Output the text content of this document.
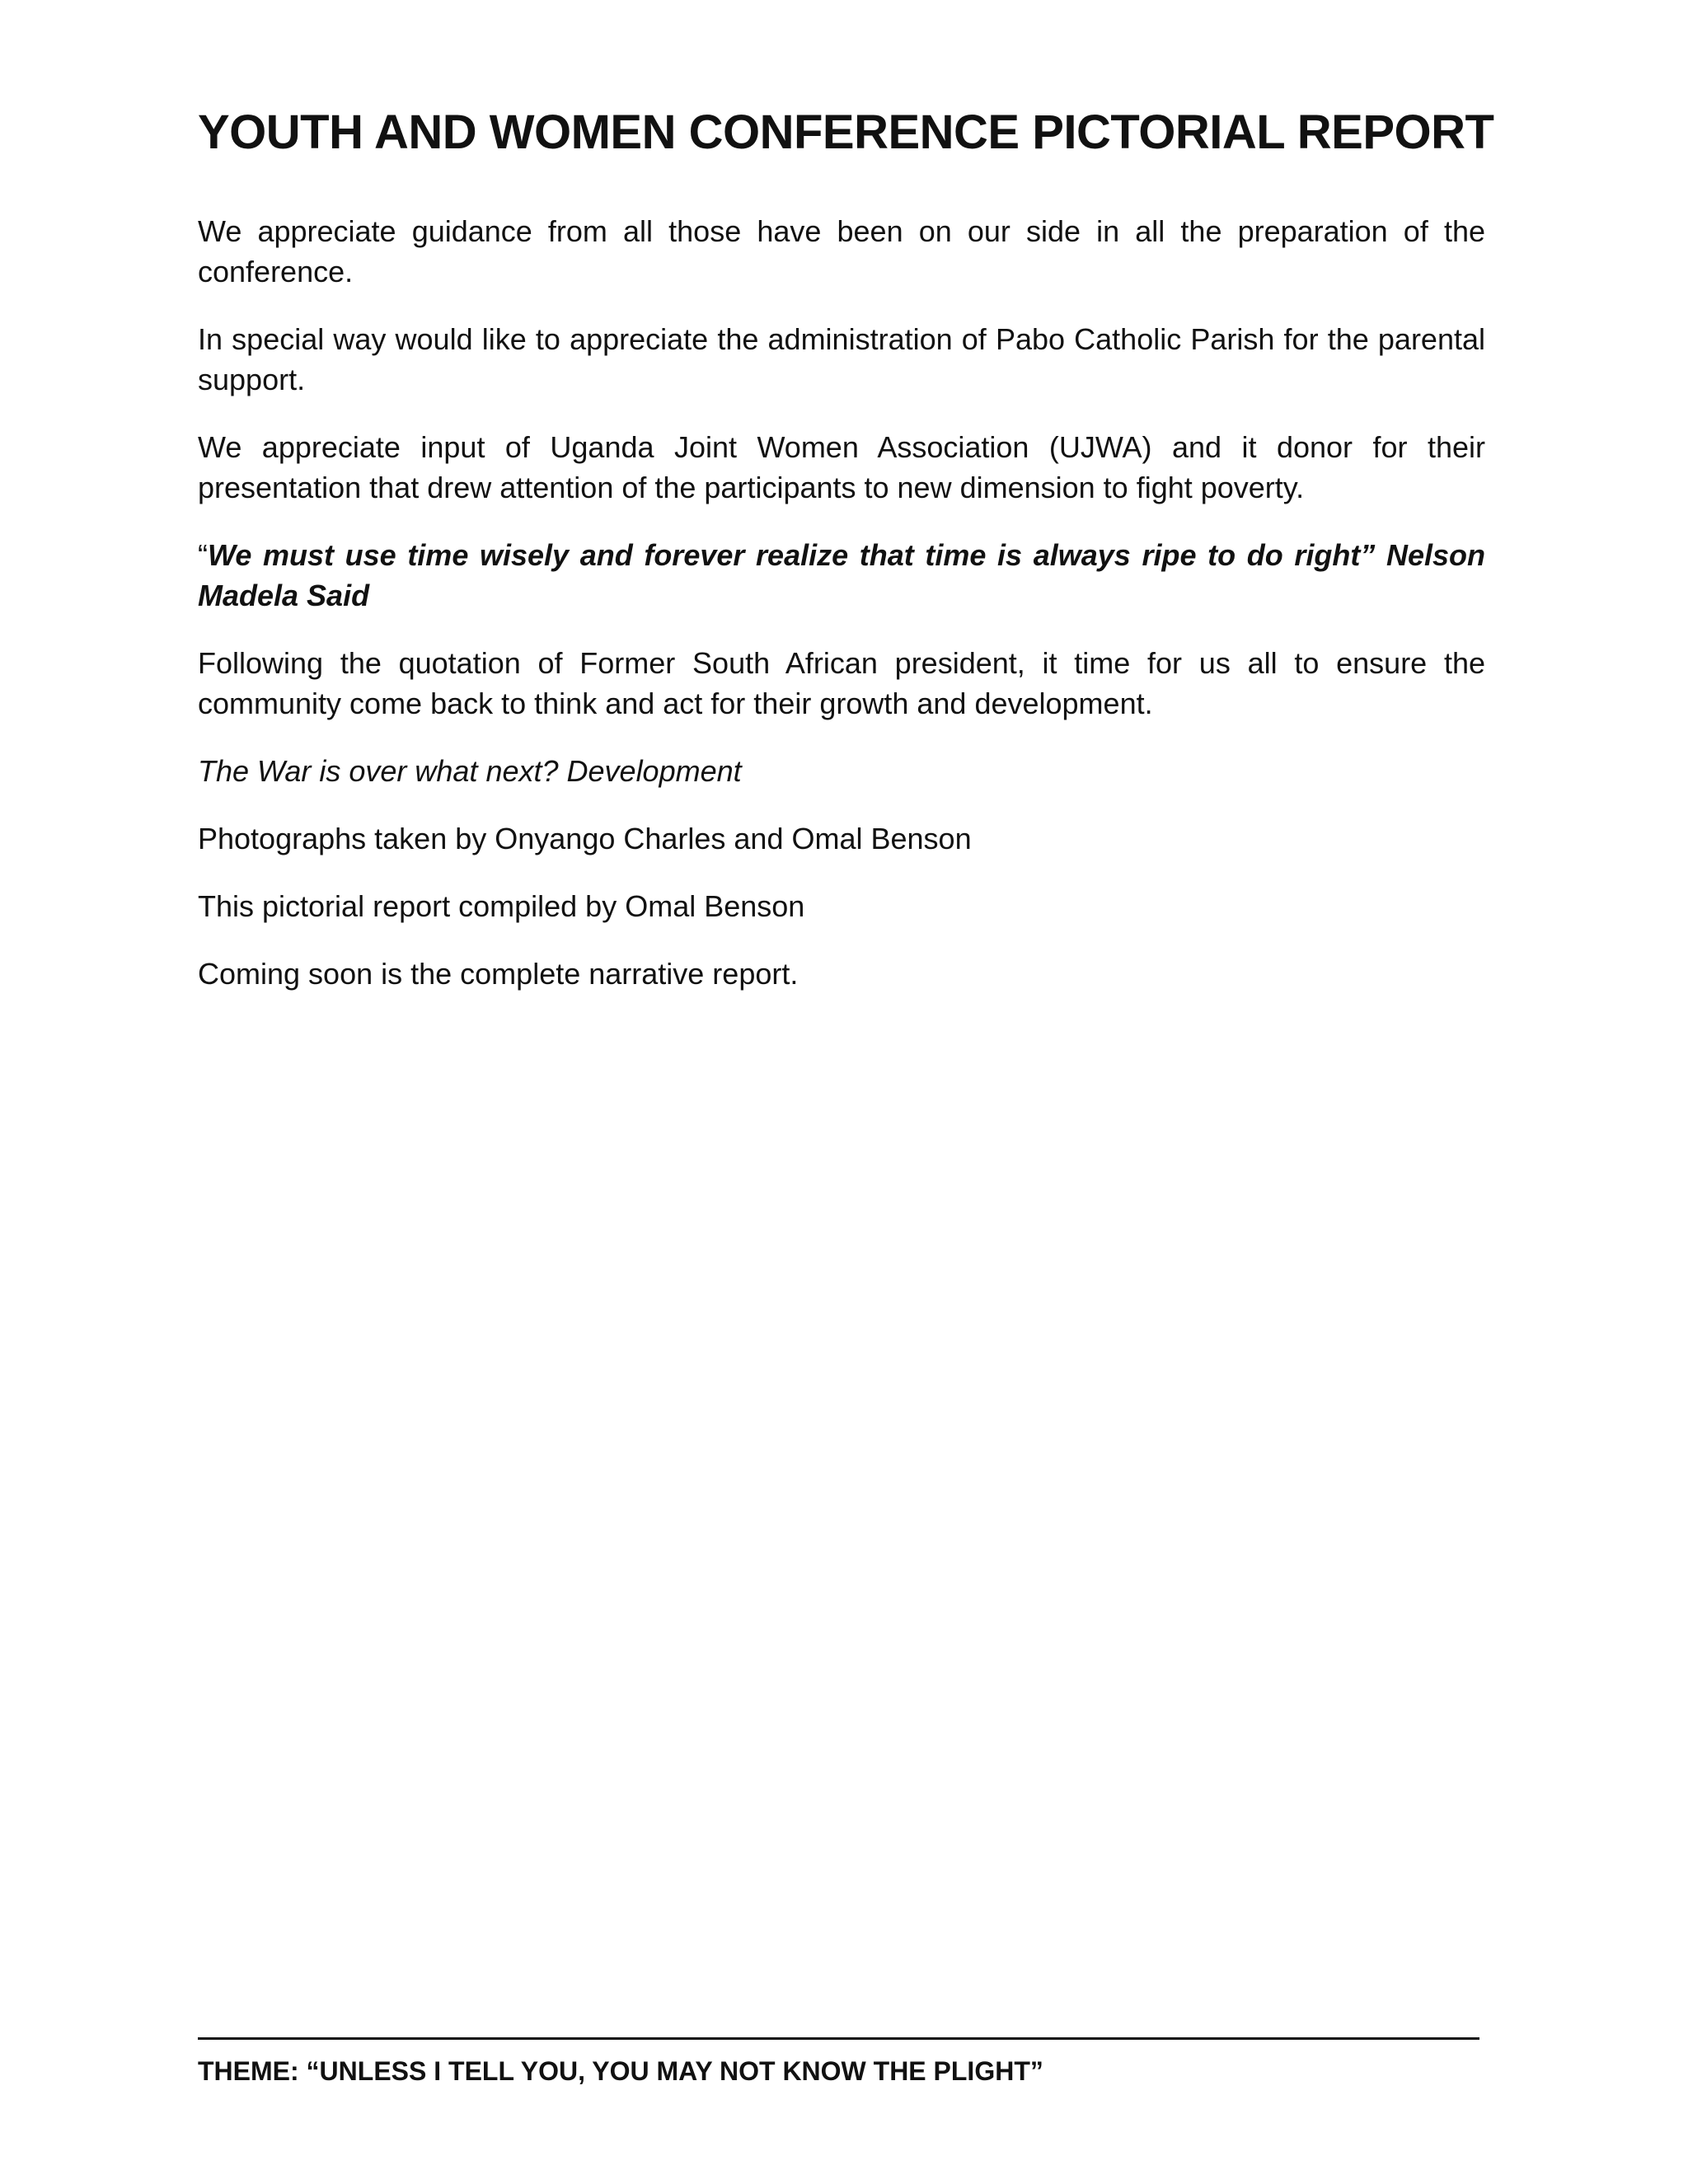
YOUTH AND WOMEN CONFERENCE PICTORIAL REPORT

We appreciate guidance from all those have been on our side in all the preparation of the conference.

In special way would like to appreciate the administration of Pabo Catholic Parish for the parental support.

We appreciate input of Uganda Joint Women Association (UJWA) and it donor for their presentation that drew attention of the participants to new dimension to fight poverty.

“We must use time wisely and forever realize that time is always ripe to do right” Nelson Madela Said

Following the quotation of Former South African president, it time for us all to ensure the community come back to think and act for their growth and development.

The War is over what next? Development

Photographs taken by Onyango Charles and Omal Benson

This pictorial report compiled by Omal Benson

Coming soon is the complete narrative report.

THEME: “UNLESS I TELL YOU, YOU MAY NOT KNOW THE PLIGHT”
